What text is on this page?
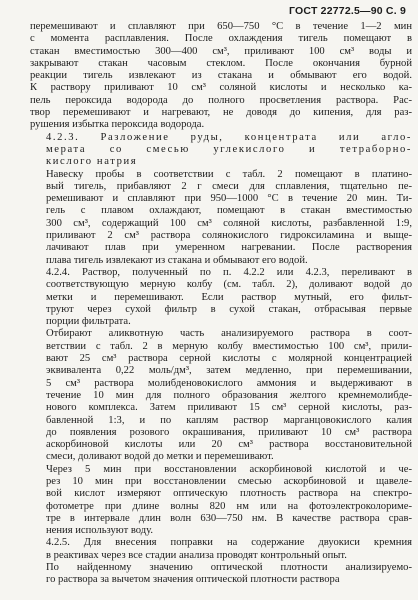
ГОСТ 22772.5—90 С. 9

перемешивают и сплавляют при 650—750 °С в течение 1—2 мин
с момента расплавления. После охлаждения тигель помещают в
стакан вместимостью 300—400 см³, приливают 100 см³ воды и
закрывают стакан часовым стеклом. После окончания бурной
реакции тигель извлекают из стакана и обмывают его водой.
К раствору приливают 10 см³ соляной кислоты и несколько ка-
пель пероксида водорода до полного просветления раствора. Рас-
твор перемешивают и нагревают, не доводя до кипения, для раз-
рушения избытка пероксида водорода.

4.2.3. Разложение руды, концентрата или агло-
мерата со смесью углекислого и тетраборно-
кислого натрия

Навеску пробы в соответствии с табл. 2 помещают в платино-
вый тигель, прибавляют 2 г смеси для сплавления, тщательно пе-
ремешивают и сплавляют при 950—1000 °С в течение 20 мин. Ти-
гель с плавом охлаждают, помещают в стакан вместимостью
300 см³, содержащий 100 см³ соляной кислоты, разбавленной 1:9,
приливают 2 см³ раствора солянокислого гидроксиламина и выще-
лачивают плав при умеренном нагревании. После растворения
плава тигель извлекают из стакана и обмывают его водой.

4.2.4. Раствор, полученный по п. 4.2.2 или 4.2.3, переливают в
соответствующую мерную колбу (см. табл. 2), доливают водой до
метки и перемешивают. Если раствор мутный, его фильт-
труют через сухой фильтр в сухой стакан, отбрасывая первые
порции фильтрата.

Отбирают аликвотную часть анализируемого раствора в соот-
ветствии с табл. 2 в мерную колбу вместимостью 100 см³, прили-
вают 25 см³ раствора серной кислоты с молярной концентрацией
эквивалента 0,22 моль/дм³, затем медленно, при перемешивании,
5 см³ раствора молибденовокислого аммония и выдерживают в
течение 10 мин для полного образования желтого кремнемолибде-
нового комплекса. Затем приливают 15 см³ серной кислоты, раз-
бавленной 1:3, и по каплям раствор марганцовокислого калия
до появления розового окрашивания, приливают 10 см³ раствора
аскорбиновой кислоты или 20 см³ раствора восстановительной
смеси, доливают водой до метки и перемешивают.

Через 5 мин при восстановлении аскорбиновой кислотой и че-
рез 10 мин при восстановлении смесью аскорбиновой и щавеле-
вой кислот измеряют оптическую плотность раствора на спектро-
фотометре при длине волны 820 нм или на фотоэлектроколориме-
тре в интервале длин волн 630—750 нм. В качестве раствора срав-
нения используют воду.

4.2.5. Для внесения поправки на содержание двуокиси кремния
в реактивах через все стадии анализа проводят контрольный опыт.

По найденному значению оптической плотности анализируемо-
го раствора за вычетом значения оптической плотности раствора
